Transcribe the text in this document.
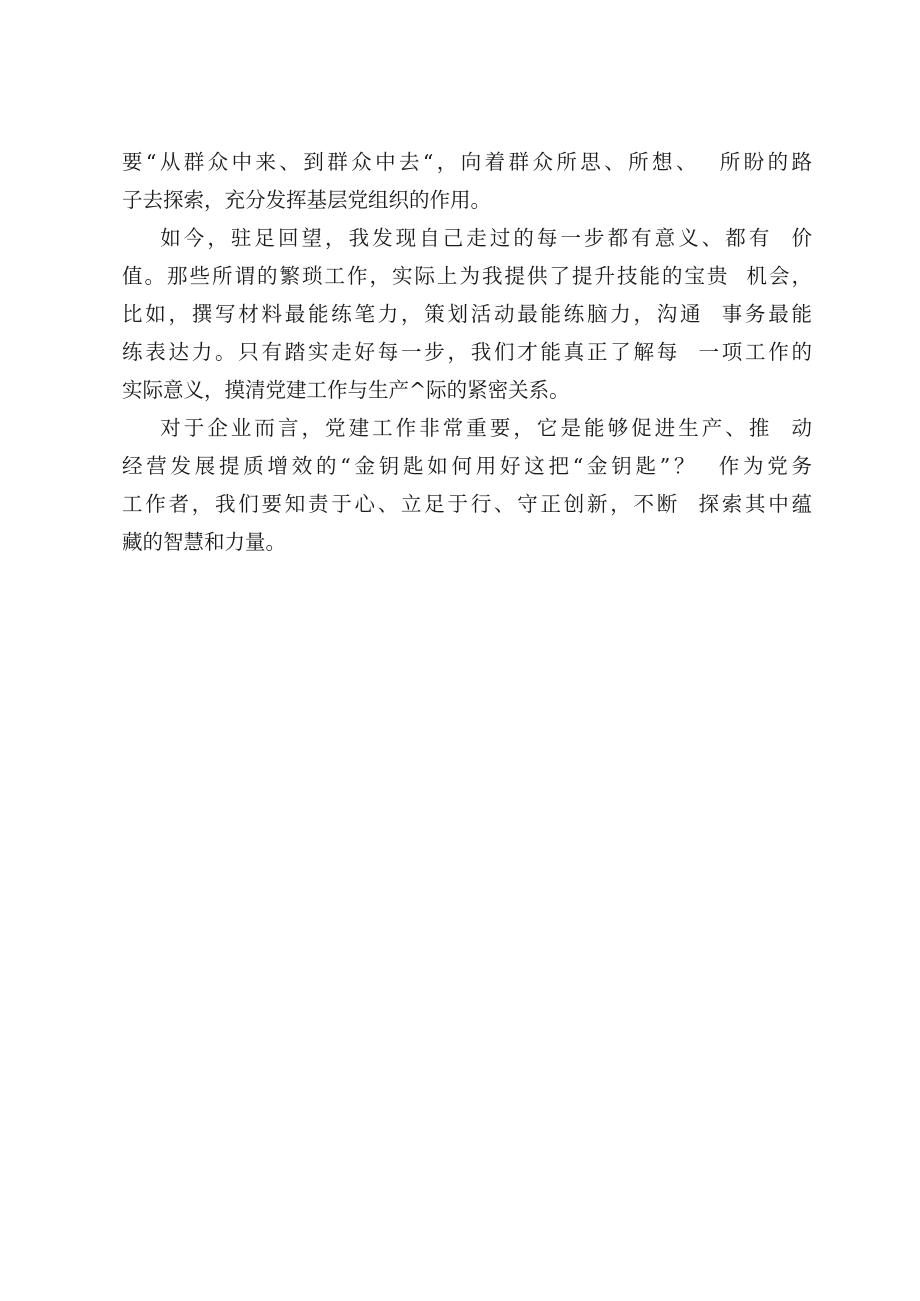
要“从群众中来、到群众中去“，向着群众所思、所想、  所盼的路
子去探索，充分发挥基层党组织的作用。
如今，驻足回望，我发现自己走过的每一步都有意义、都有  价
值。那些所谓的繁琐工作，实际上为我提供了提升技能的宝贵  机会，
比如，撰写材料最能练笔力，策划活动最能练脑力，沟通  事务最能
练表达力。只有踏实走好每一步，我们才能真正了解每  一项工作的
实际意义，摸清党建工作与生产^际的紧密关系。
对于企业而言，党建工作非常重要，它是能够促进生产、推  动
经营发展提质增效的“金钥匙如何用好这把“金钥匙”？  作为党务
工作者，我们要知责于心、立足于行、守正创新，不断  探索其中蕴
藏的智慧和力量。
